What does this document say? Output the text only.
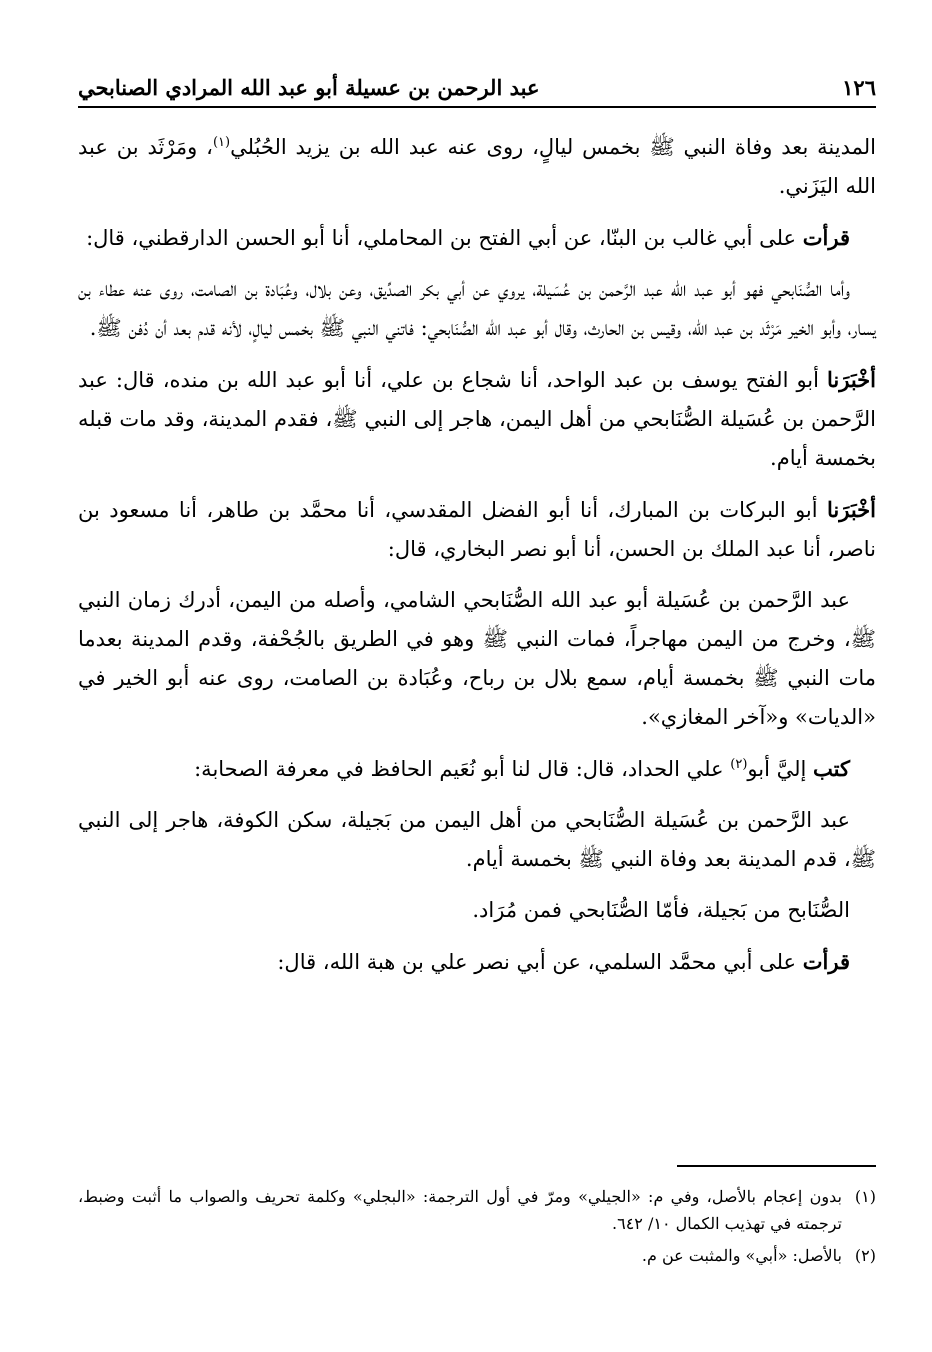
١٢٦
عبد الرحمن بن عسيلة أبو عبد الله المرادي الصنابحي

المدينة بعد وفاة النبي ﷺ بخمس ليالٍ، روى عنه عبد الله بن يزيد الحُبُلي$^{(١)}$، ومَرْثَد بن عبد الله اليَزَني.

قرأت على أبي غالب بن البنّا، عن أبي الفتح بن المحاملي، أنا أبو الحسن الدارقطني، قال:

وأما الصُّنَابحي فهو أبو عبد الله عبد الرَّحمن بن عُسَيلة، يروي عن أبي بكر الصدِّيق، وعن بلال، وعُبَادة بن الصامت، روى عنه عطاء بن يسار، وأبو الخير مَرْثَد بن عبد الله، وقيس بن الحارث، وقال أبو عبد الله الصُّنَابحي: فاتني النبي ﷺ بخمس ليالٍ، لأنه قدم بعد أن دُفن ﷺ.

أخْبَرَنا أبو الفتح يوسف بن عبد الواحد، أنا شجاع بن علي، أنا أبو عبد الله بن منده، قال: عبد الرَّحمن بن عُسَيلة الصُّنَابحي من أهل اليمن، هاجر إلى النبي ﷺ، فقدم المدينة، وقد مات قبله بخمسة أيام.

أخْبَرَنا أبو البركات بن المبارك، أنا أبو الفضل المقدسي، أنا محمَّد بن طاهر، أنا مسعود بن ناصر، أنا عبد الملك بن الحسن، أنا أبو نصر البخاري، قال:

عبد الرَّحمن بن عُسَيلة أبو عبد الله الصُّنَابحي الشامي، وأصله من اليمن، أدرك زمان النبي ﷺ، وخرج من اليمن مهاجراً، فمات النبي ﷺ وهو في الطريق بالجُحْفة، وقدم المدينة بعدما مات النبي ﷺ بخمسة أيام، سمع بلال بن رباح، وعُبَادة بن الصامت، روى عنه أبو الخير في «الديات» و«آخر المغازي».

كتب إليَّ أبو$^{(٢)}$ علي الحداد، قال: قال لنا أبو نُعَيم الحافظ في معرفة الصحابة:

عبد الرَّحمن بن عُسَيلة الصُّنَابحي من أهل اليمن من بَجيلة، سكن الكوفة، هاجر إلى النبي ﷺ، قدم المدينة بعد وفاة النبي ﷺ بخمسة أيام.

الصُّنَابح من بَجيلة، فأمّا الصُّنَابحي فمن مُرَاد.

قرأت على أبي محمَّد السلمي، عن أبي نصر علي بن هبة الله، قال:

(١)
بدون إعجام بالأصل، وفي م: «الجيلي» ومرّ في أول الترجمة: «البجلي» وكلمة تحريف والصواب ما أثبت وضبط، ترجمته في تهذيب الكمال ١٠/ ٦٤٢.
(٢)
بالأصل: «أبي» والمثبت عن م.
